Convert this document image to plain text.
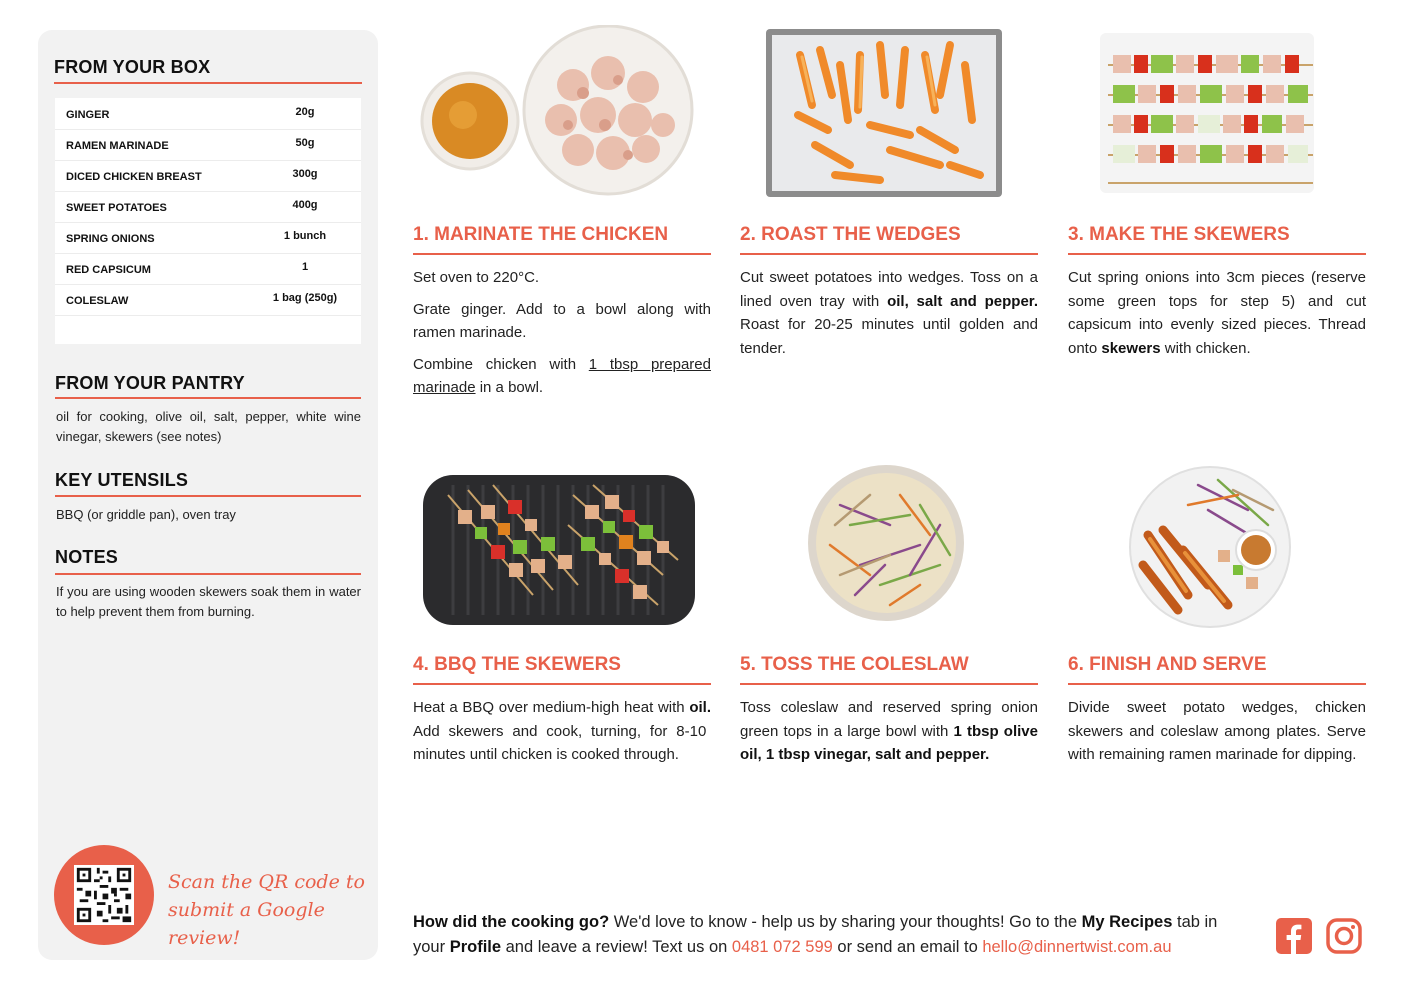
FROM YOUR BOX
GINGER	20g
RAMEN MARINADE	50g
DICED CHICKEN BREAST	300g
SWEET POTATOES	400g
SPRING ONIONS	1 bunch
RED CAPSICUM	1
COLESLAW	1 bag (250g)
FROM YOUR PANTRY
oil for cooking, olive oil, salt, pepper, white wine vinegar, skewers (see notes)
KEY UTENSILS
BBQ (or griddle pan), oven tray
NOTES
If you are using wooden skewers soak them in water to help prevent them from burning.
Scan the QR code to
submit a Google review!
1. MARINATE THE CHICKEN

Set oven to 220°C.

Grate ginger. Add to a bowl along with ramen marinade.

Combine chicken with 1 tbsp prepared marinade in a bowl.

2. ROAST THE WEDGES
Cut sweet potatoes into wedges. Toss on a lined oven tray with oil, salt and pepper. Roast for 20-25 minutes until golden and tender.
3. MAKE THE SKEWERS
Cut spring onions into 3cm pieces (reserve some green tops for step 5) and cut capsicum into evenly sized pieces. Thread onto skewers with chicken.
4. BBQ THE SKEWERS
Heat a BBQ over medium-high heat with oil. Add skewers and cook, turning, for 8-10 minutes until chicken is cooked through.
5. TOSS THE COLESLAW
Toss coleslaw and reserved spring onion green tops in a large bowl with 1 tbsp olive oil, 1 tbsp vinegar, salt and pepper.
6. FINISH AND SERVE
Divide sweet potato wedges, chicken skewers and coleslaw among plates. Serve with remaining ramen marinade for dipping.
How did the cooking go? We'd love to know - help us by sharing your thoughts! Go to the My Recipes tab in your Profile and leave a review! Text us on 0481 072 599 or send an email to hello@dinnertwist.com.au
